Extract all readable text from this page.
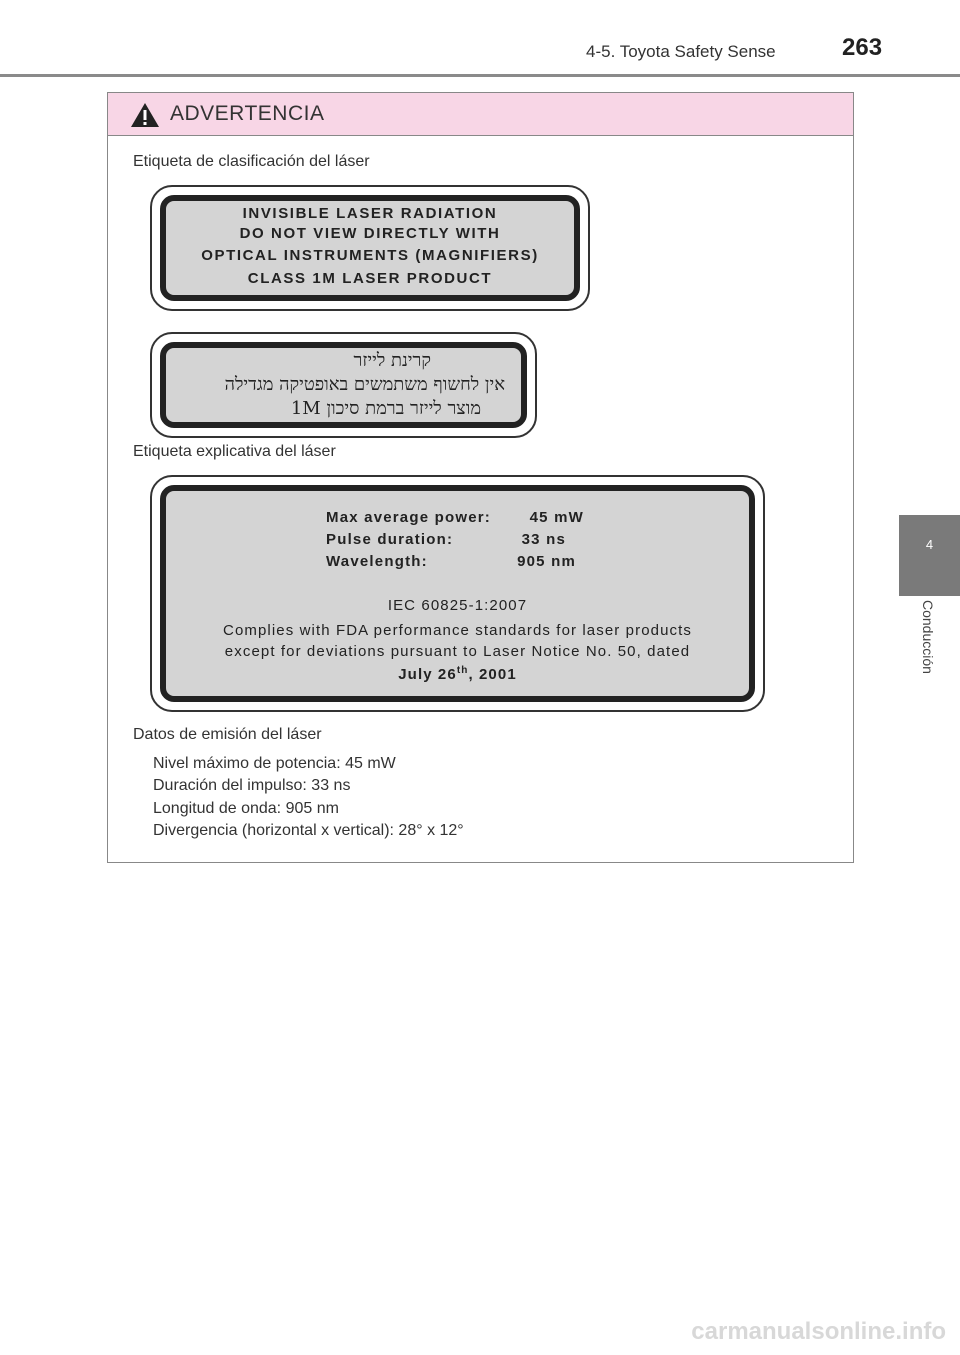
4-5. Toyota Safety Sense	263
4
Conducción
ADVERTENCIA
Etiqueta de clasificación del láser
INVISIBLE LASER RADIATION
DO NOT VIEW DIRECTLY WITH
OPTICAL INSTRUMENTS (MAGNIFIERS)
CLASS 1M LASER PRODUCT
קרינת לייזר
אין לחשוף משתמשים באופטיקה מגדילה
מוצר לייזר ברמת סיכון 1M
Etiqueta explicativa del láser
Max average power:	45 mW
Pulse duration:	33 ns
Wavelength:	905 nm
IEC 60825-1:2007
Complies with FDA performance standards for laser products
except for deviations pursuant to Laser Notice No. 50, dated
July 26th, 2001
Datos de emisión del láser
Nivel máximo de potencia: 45 mW
Duración del impulso: 33 ns
Longitud de onda: 905 nm
Divergencia (horizontal x vertical): 28° x 12°
carmanualsonline.info
